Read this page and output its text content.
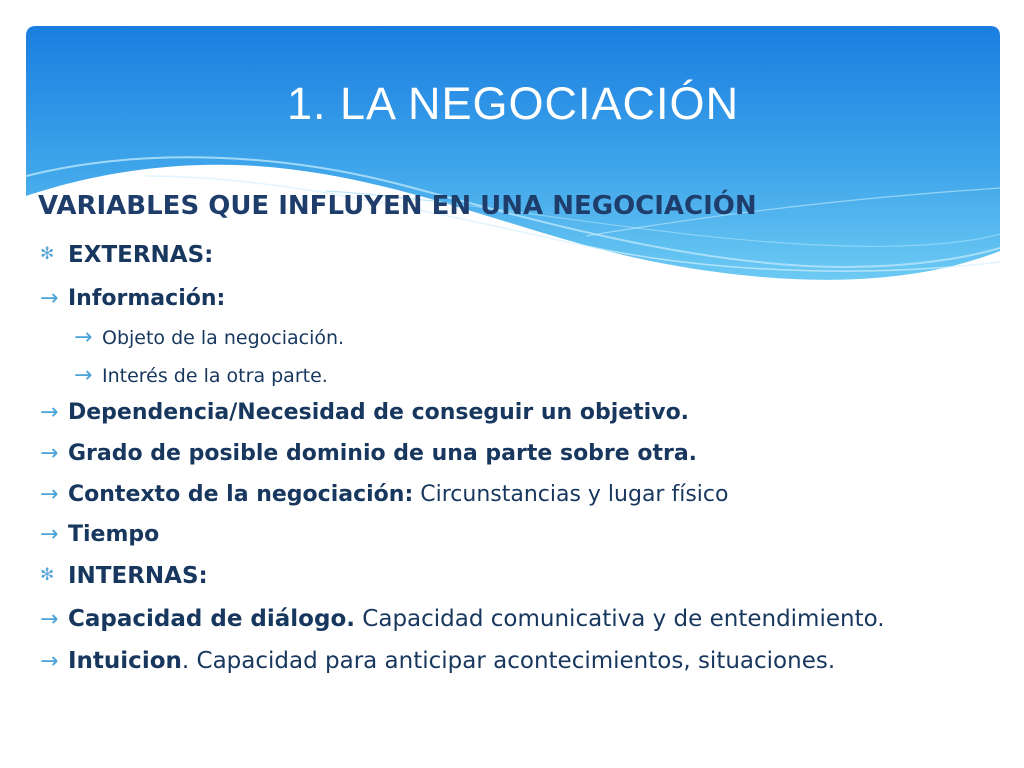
1. LA NEGOCIACIÓN
VARIABLES QUE INFLUYEN EN UNA NEGOCIACIÓN
✻ EXTERNAS:
→ Información:
→ Objeto de la negociación.
→ Interés de la otra parte.
→ Dependencia/Necesidad de conseguir un objetivo.
→ Grado de posible dominio de una parte sobre otra.
→ Contexto de la negociación: Circunstancias y lugar físico
→ Tiempo
✻ INTERNAS:
→ Capacidad de diálogo. Capacidad comunicativa y de entendimiento.
→ Intuicion. Capacidad para anticipar acontecimientos, situaciones.
